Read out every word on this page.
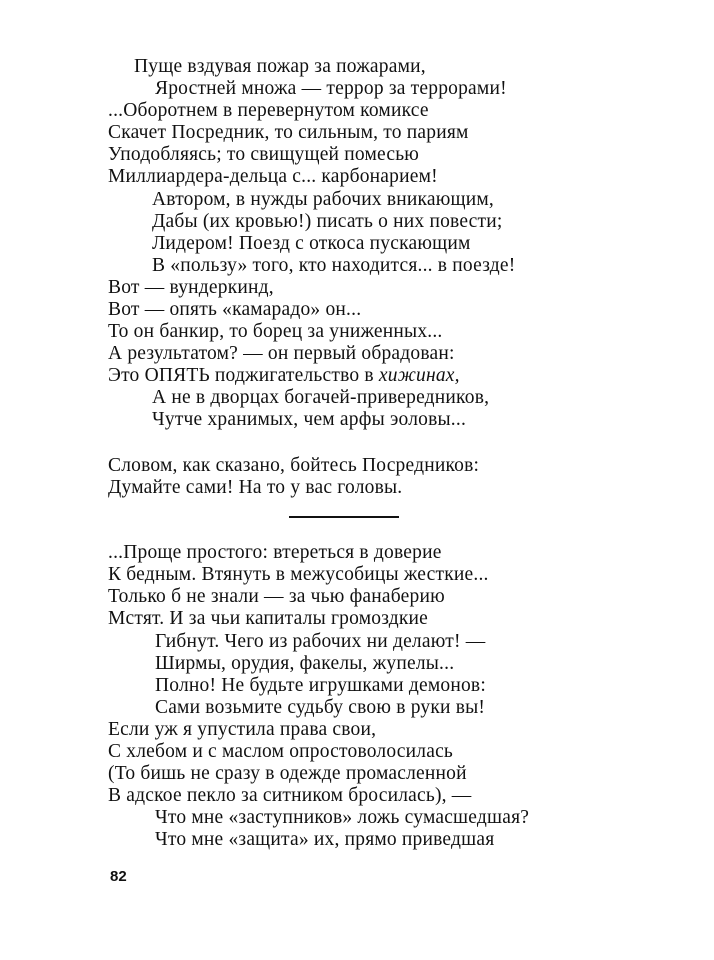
Пуще вздувая пожар за пожарами,
Яростней множа — террор за террорами!
...Оборотнем в перевернутом комиксе
Скачет Посредник, то сильным, то париям
Уподобляясь; то свищущей помесью
Миллиардера-дельца с... карбонарием!
Автором, в нужды рабочих вникающим,
Дабы (их кровью!) писать о них повести;
Лидером! Поезд с откоса пускающим
В «пользу» того, кто находится... в поезде!
Вот — вундеркинд,
Вот — опять «камарадо» он...
То он банкир, то борец за униженных...
А результатом? — он первый обрадован:
Это ОПЯТЬ поджигательство в хижинах,
А не в дворцах богачей-привередников,
Чутче хранимых, чем арфы эоловы...
Словом, как сказано, бойтесь Посредников:
Думайте сами! На то у вас головы.
...Проще простого: втереться в доверие
К бедным. Втянуть в межусобицы жесткие...
Только б не знали — за чью фанаберию
Мстят. И за чьи капиталы громоздкие
Гибнут. Чего из рабочих ни делают! —
Ширмы, орудия, факелы, жупелы...
Полно! Не будьте игрушками демонов:
Сами возьмите судьбу свою в руки вы!
Если уж я упустила права свои,
С хлебом и с маслом опростоволосилась
(То бишь не сразу в одежде промасленной
В адское пекло за ситником бросилась), —
Что мне «заступников» ложь сумасшедшая?
Что мне «защита» их, прямо приведшая
82
